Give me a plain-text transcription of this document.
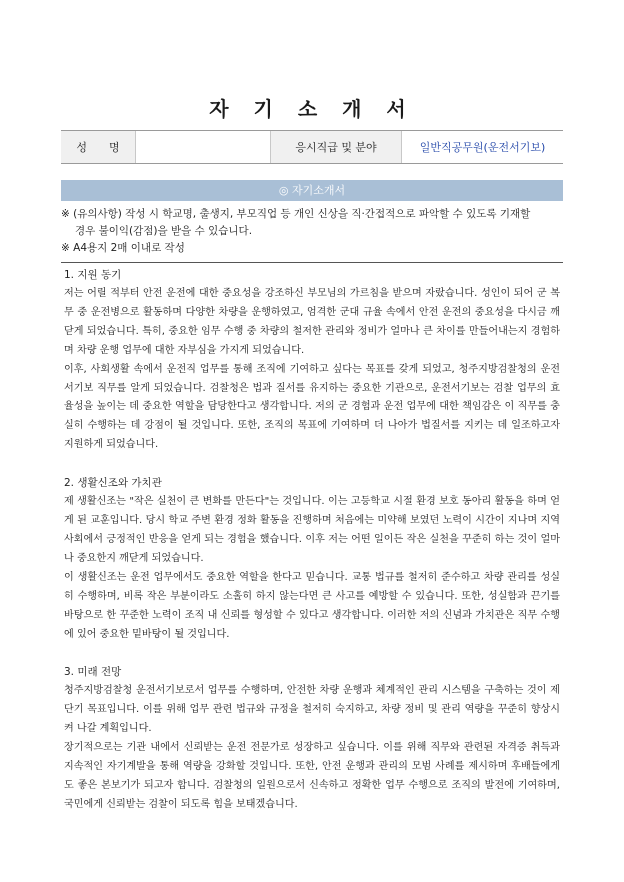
자 기 소 개 서
성　　명		응시직급 및 분야	일반직공무원(운전서기보)
◎ 자기소개서

※ (유의사항) 작성 시 학교명, 출생지, 부모직업 등 개인 신상을 직·간접적으로 파악할 수 있도록 기재할

경우 불이익(감점)을 받을 수 있습니다.

※ A4용지 2매 이내로 작성

1. 지원 동기

저는 어릴 적부터 안전 운전에 대한 중요성을 강조하신 부모님의 가르침을 받으며 자랐습니다. 성인이 되어 군 복무 중 운전병으로 활동하며 다양한 차량을 운행하였고, 엄격한 군대 규율 속에서 안전 운전의 중요성을 다시금 깨닫게 되었습니다. 특히, 중요한 임무 수행 중 차량의 철저한 관리와 정비가 얼마나 큰 차이를 만들어내는지 경험하며 차량 운행 업무에 대한 자부심을 가지게 되었습니다.

이후, 사회생활 속에서 운전직 업무를 통해 조직에 기여하고 싶다는 목표를 갖게 되었고, 청주지방검찰청의 운전서기보 직무를 알게 되었습니다. 검찰청은 법과 질서를 유지하는 중요한 기관으로, 운전서기보는 검찰 업무의 효율성을 높이는 데 중요한 역할을 담당한다고 생각합니다. 저의 군 경험과 운전 업무에 대한 책임감은 이 직무를 충실히 수행하는 데 강점이 될 것입니다. 또한, 조직의 목표에 기여하며 더 나아가 법질서를 지키는 데 일조하고자 지원하게 되었습니다.

2. 생활신조와 가치관

제 생활신조는 "작은 실천이 큰 변화를 만든다"는 것입니다. 이는 고등학교 시절 환경 보호 동아리 활동을 하며 얻게 된 교훈입니다. 당시 학교 주변 환경 정화 활동을 진행하며 처음에는 미약해 보였던 노력이 시간이 지나며 지역 사회에서 긍정적인 반응을 얻게 되는 경험을 했습니다. 이후 저는 어떤 일이든 작은 실천을 꾸준히 하는 것이 얼마나 중요한지 깨닫게 되었습니다.

이 생활신조는 운전 업무에서도 중요한 역할을 한다고 믿습니다. 교통 법규를 철저히 준수하고 차량 관리를 성실히 수행하며, 비록 작은 부분이라도 소홀히 하지 않는다면 큰 사고를 예방할 수 있습니다. 또한, 성실함과 끈기를 바탕으로 한 꾸준한 노력이 조직 내 신뢰를 형성할 수 있다고 생각합니다. 이러한 저의 신념과 가치관은 직무 수행에 있어 중요한 밑바탕이 될 것입니다.

3. 미래 전망

청주지방검찰청 운전서기보로서 업무를 수행하며, 안전한 차량 운행과 체계적인 관리 시스템을 구축하는 것이 제 단기 목표입니다. 이를 위해 업무 관련 법규와 규정을 철저히 숙지하고, 차량 정비 및 관리 역량을 꾸준히 향상시켜 나갈 계획입니다.

장기적으로는 기관 내에서 신뢰받는 운전 전문가로 성장하고 싶습니다. 이를 위해 직무와 관련된 자격증 취득과 지속적인 자기계발을 통해 역량을 강화할 것입니다. 또한, 안전 운행과 관리의 모범 사례를 제시하며 후배들에게도 좋은 본보기가 되고자 합니다. 검찰청의 일원으로서 신속하고 정확한 업무 수행으로 조직의 발전에 기여하며, 국민에게 신뢰받는 검찰이 되도록 힘을 보태겠습니다.
